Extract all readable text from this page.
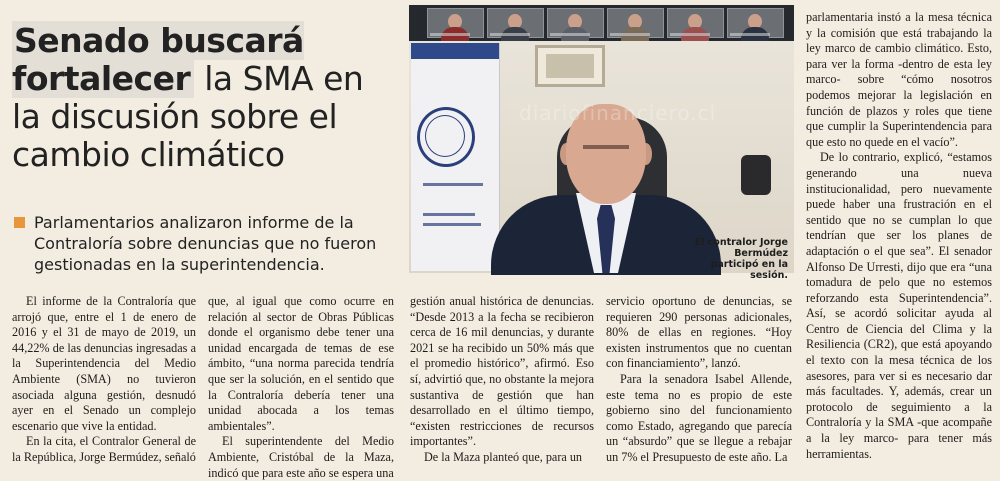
Senado buscará fortalecer la SMA en la discusión sobre el cambio climático
Parlamentarios analizaron informe de la Contraloría sobre denuncias que no fueron gestionadas en la superintendencia.
diariofinanciero.cl
El contralor Jorge Bermúdez participó en la sesión.

El informe de la Contraloría que arrojó que, entre el 1 de enero de 2016 y el 31 de mayo de 2019, un 44,22% de las denuncias ingresadas a la Superintendencia del Medio Ambiente (SMA) no tuvieron asociada alguna gestión, desnudó ayer en el Senado un complejo escenario que vive la entidad.

En la cita, el Contralor General de la República, Jorge Bermúdez, señaló

que, al igual que como ocurre en relación al sector de Obras Públicas donde el organismo debe tener una unidad encargada de temas de ese ámbito, “una norma parecida tendría que ser la solución, en el sentido que la Contraloría debería tener una unidad abocada a los temas ambientales”.

El superintendente del Medio Ambiente, Cristóbal de la Maza, indicó que para este año se espera una

gestión anual histórica de denuncias. “Desde 2013 a la fecha se recibieron cerca de 16 mil denuncias, y durante 2021 se ha recibido un 50% más que el promedio histórico”, afirmó. Eso sí, advirtió que, no obstante la mejora sustantiva de gestión que han desarrollado en el último tiempo, “existen restricciones de recursos importantes”.

De la Maza planteó que, para un

servicio oportuno de denuncias, se requieren 290 personas adicionales, 80% de ellas en regiones. “Hoy existen instrumentos que no cuentan con financiamiento”, lanzó.

Para la senadora Isabel Allende, este tema no es propio de este gobierno sino del funcionamiento como Estado, agregando que parecía un “absurdo” que se llegue a rebajar un 7% el Presupuesto de este año. La

parlamentaria instó a la mesa técnica y la comisión que está trabajando la ley marco de cambio climático. Esto, para ver la forma -dentro de esta ley marco- sobre “cómo nosotros podemos mejorar la legislación en función de plazos y roles que tiene que cumplir la Superintendencia para que esto no quede en el vacío”.

De lo contrario, explicó, “estamos generando una nueva institucionalidad, pero nuevamente puede haber una frustración en el sentido que no se cumplan lo que tendrían que ser los planes de adaptación o el que sea”. El senador Alfonso De Urresti, dijo que era “una tomadura de pelo que no estemos reforzando esta Superintendencia”. Así, se acordó solicitar ayuda al Centro de Ciencia del Clima y la Resiliencia (CR2), que está apoyando el texto con la mesa técnica de los asesores, para ver si es necesario dar más facultades. Y, además, crear un protocolo de seguimiento a la Contraloría y la SMA -que acompañe a la ley marco- para tener más herramientas.
